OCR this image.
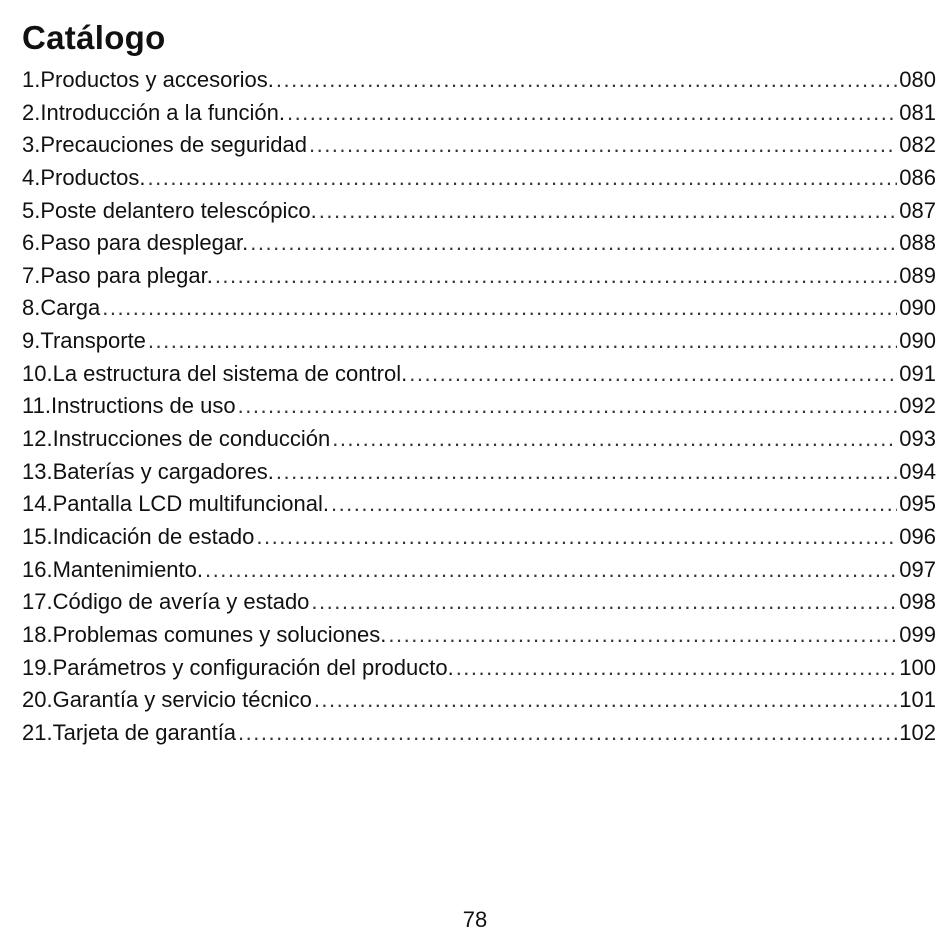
Catálogo
1.Productos y accesorios. .....	080
2.Introducción a la función. .....	081
3.Precauciones de seguridad .....	082
4.Productos. .....	086
5.Poste delantero telescópico. .....	087
6.Paso para desplegar. .....	088
7.Paso para plegar. .....	089
8.Carga .....	090
9.Transporte .....	090
10.La estructura del sistema de control. .....	091
11.Instructions de uso .....	092
12.Instrucciones de conducción .....	093
13.Baterías y cargadores. .....	094
14.Pantalla LCD multifuncional. .....	095
15.Indicación de estado .....	096
16.Mantenimiento. .....	097
17.Código de avería y estado .....	098
18.Problemas comunes y soluciones. .....	099
19.Parámetros y configuración del producto. .....	100
20.Garantía y servicio técnico .....	101
21.Tarjeta de garantía .....	102
78
